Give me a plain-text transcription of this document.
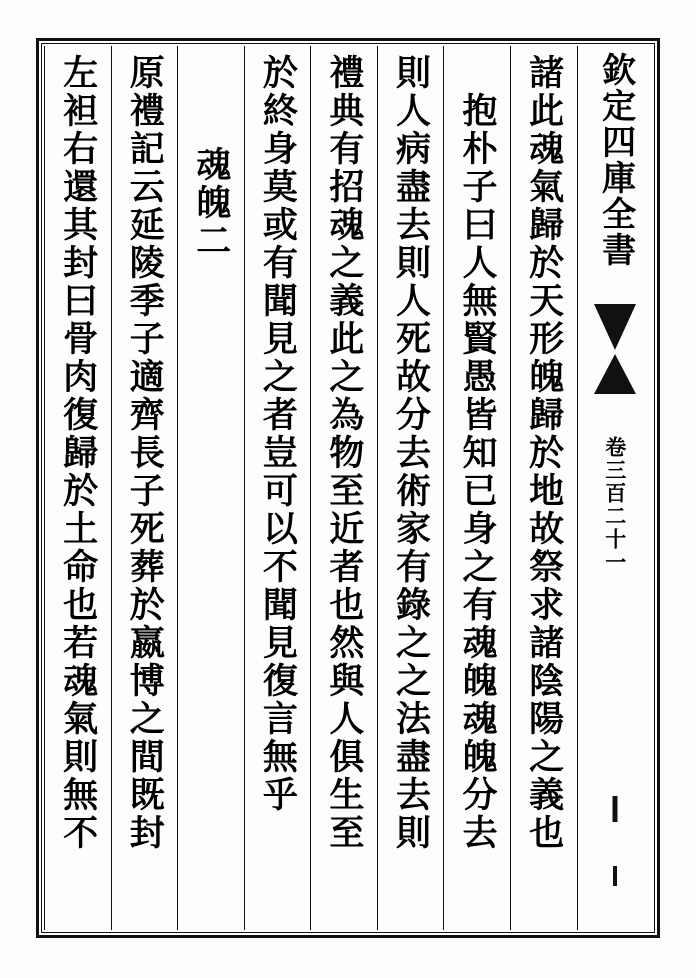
欽定四庫全書
卷三百二十一
諸此魂氣歸於天形魄歸於地故祭求諸陰陽之義也
抱朴子曰人無賢愚皆知已身之有魂魄魂魄分去
則人病盡去則人死故分去術家有錄之之法盡去則
禮典有招魂之義此之為物至近者也然與人俱生至
於終身莫或有聞見之者豈可以不聞見復言無乎
魂魄二
原禮記云延陵季子適齊長子死葬於嬴博之間既封
左袒右還其封曰骨肉復歸於土命也若魂氣則無不
